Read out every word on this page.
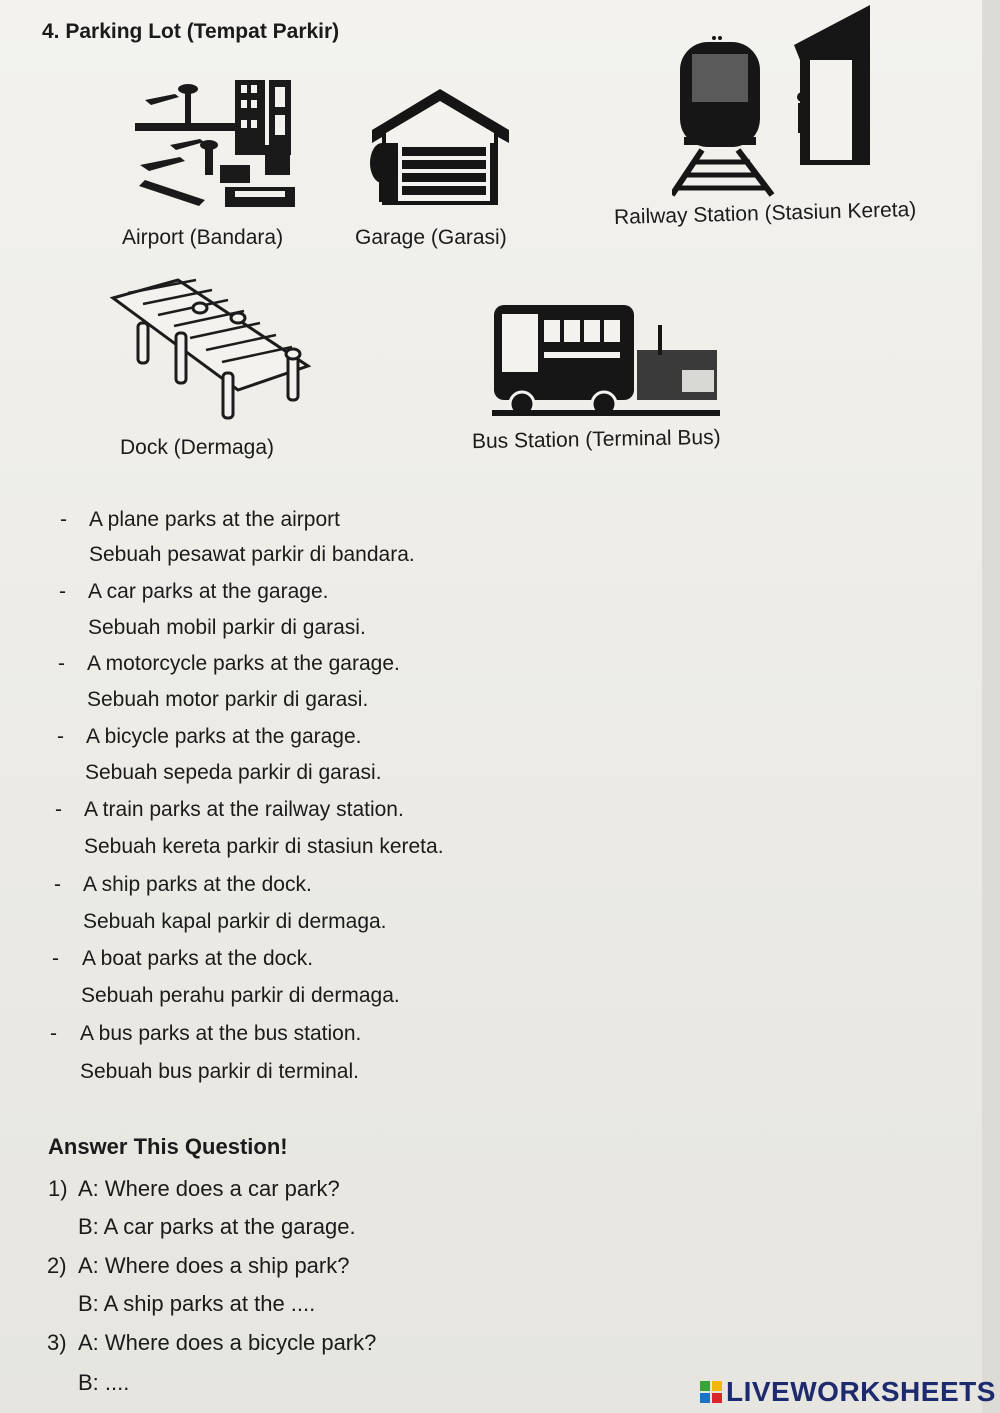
4. Parking Lot (Tempat Parkir)
Airport (Bandara)	Garage (Garasi)
Railway Station (Stasiun Kereta)
Dock (Dermaga)	Bus Station (Terminal Bus)
- A plane parks at the airport
Sebuah pesawat parkir di bandara.
- A car parks at the garage.
Sebuah mobil parkir di garasi.
- A motorcycle parks at the garage.
Sebuah motor parkir di garasi.
- A bicycle parks at the garage.
Sebuah sepeda parkir di garasi.
- A train parks at the railway station.
Sebuah kereta parkir di stasiun kereta.
- A ship parks at the dock.
Sebuah kapal parkir di dermaga.
- A boat parks at the dock.
Sebuah perahu parkir di dermaga.
- A bus parks at the bus station.
Sebuah bus parkir di terminal.
Answer This Question!
1) A: Where does a car park?
B: A car parks at the garage.
2) A: Where does a ship park?
B: A ship parks at the ....
3) A: Where does a bicycle park?
B: ....	LIVEWORKSHEETS
